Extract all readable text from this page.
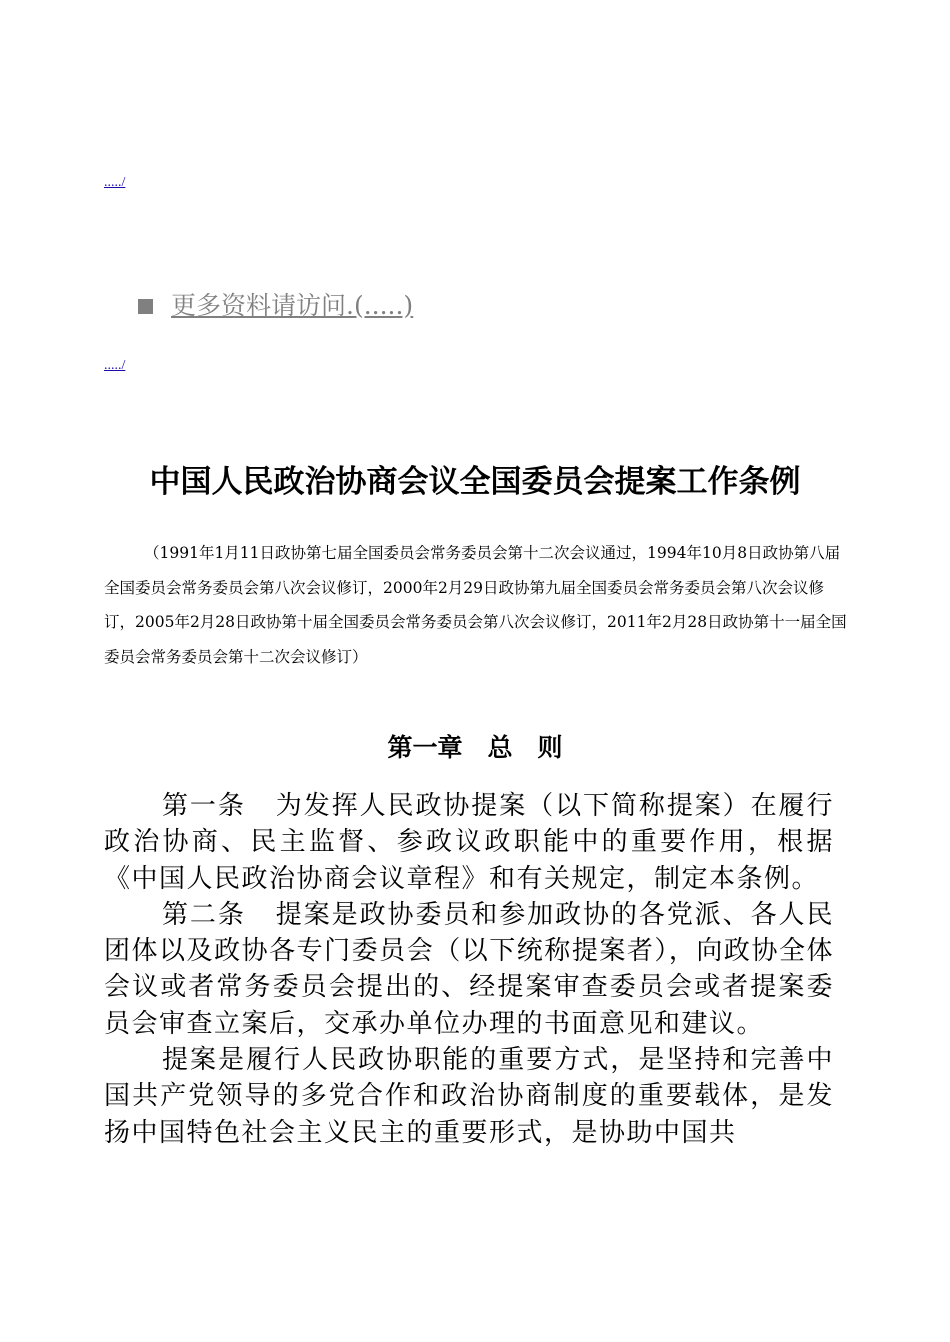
...../
更多资料请访问.(.....)
...../
中国人民政治协商会议全国委员会提案工作条例

（1991年1月11日政协第七届全国委员会常务委员会第十二次会议通过，1994年10月8日政协第八届全国委员会常务委员会第八次会议修订，2000年2月29日政协第九届全国委员会常务委员会第八次会议修订，2005年2月28日政协第十届全国委员会常务委员会第八次会议修订，2011年2月28日政协第十一届全国委员会常务委员会第十二次会议修订）

第一章　总　则

第一条 为发挥人民政协提案（以下简称提案）在履行政治协商、民主监督、参政议政职能中的重要作用，根据《中国人民政治协商会议章程》和有关规定，制定本条例。

第二条 提案是政协委员和参加政协的各党派、各人民团体以及政协各专门委员会（以下统称提案者），向政协全体会议或者常务委员会提出的、经提案审查委员会或者提案委员会审查立案后，交承办单位办理的书面意见和建议。

提案是履行人民政协职能的重要方式，是坚持和完善中国共产党领导的多党合作和政治协商制度的重要载体，是发扬中国特色社会主义民主的重要形式，是协助中国共
